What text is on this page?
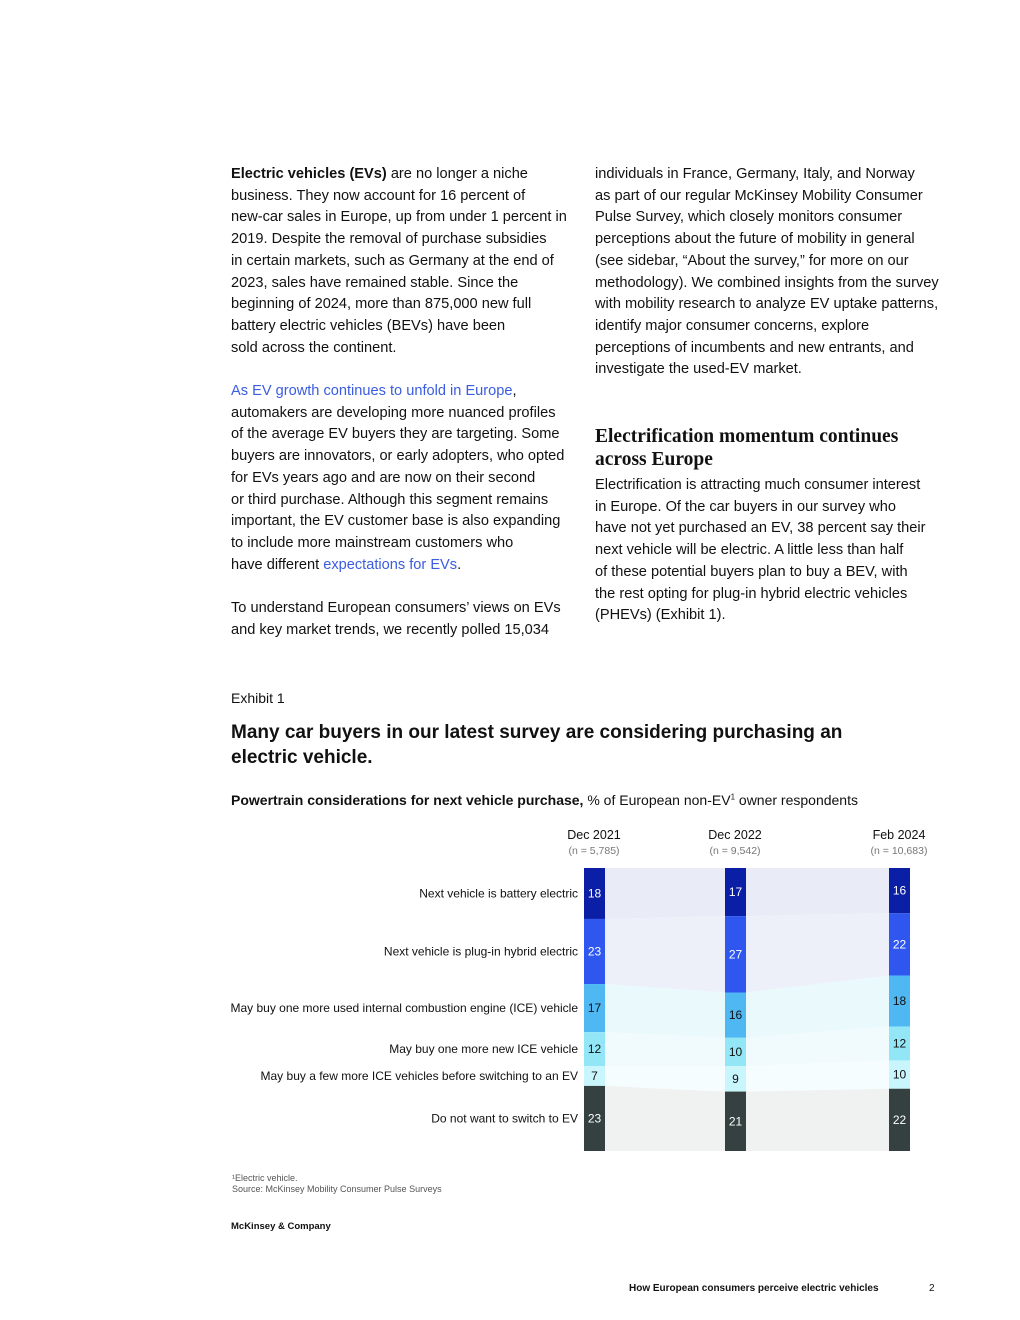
Electric vehicles (EVs) are no longer a niche
business. They now account for 16 percent of
new-car sales in Europe, up from under 1 percent in
2019. Despite the removal of purchase subsidies
in certain markets, such as Germany at the end of
2023, sales have remained stable. Since the
beginning of 2024, more than 875,000 new full
battery electric vehicles (BEVs) have been
sold across the continent.

As EV growth continues to unfold in Europe,
automakers are developing more nuanced profiles
of the average EV buyers they are targeting. Some
buyers are innovators, or early adopters, who opted
for EVs years ago and are now on their second
or third purchase. Although this segment remains
important, the EV customer base is also expanding
to include more mainstream customers who
have different expectations for EVs.

To understand European consumers’ views on EVs
and key market trends, we recently polled 15,034

individuals in France, Germany, Italy, and Norway
as part of our regular McKinsey Mobility Consumer
Pulse Survey, which closely monitors consumer
perceptions about the future of mobility in general
(see sidebar, “About the survey,” for more on our
methodology). We combined insights from the survey
with mobility research to analyze EV uptake patterns,
identify major consumer concerns, explore
perceptions of incumbents and new entrants, and
investigate the used-EV market.

Electrification momentum continues
across Europe

Electrification is attracting much consumer interest
in Europe. Of the car buyers in our survey who
have not yet purchased an EV, 38 percent say their
next vehicle will be electric. A little less than half
of these potential buyers plan to buy a BEV, with
the rest opting for plug-in hybrid electric vehicles
(PHEVs) (Exhibit 1).

Exhibit 1
Many car buyers in our latest survey are considering purchasing an electric vehicle.
Powertrain considerations for next vehicle purchase, % of European non-$EV^1$ owner respondents
18
23
17
12
7
23
17
27
16
10
9
21
16
22
18
12
10
22
Next vehicle is battery electric
Next vehicle is plug-in hybrid electric
May buy one more used internal combustion engine (ICE) vehicle
May buy one more new ICE vehicle
May buy a few more ICE vehicles before switching to an EV
Do not want to switch to EV
Dec 2021
(n = 5,785)
Dec 2022
(n = 9,542)
Feb 2024
(n = 10,683)
¹Electric vehicle.
Source: McKinsey Mobility Consumer Pulse Surveys
McKinsey & Company
How European consumers perceive electric vehicles	2
